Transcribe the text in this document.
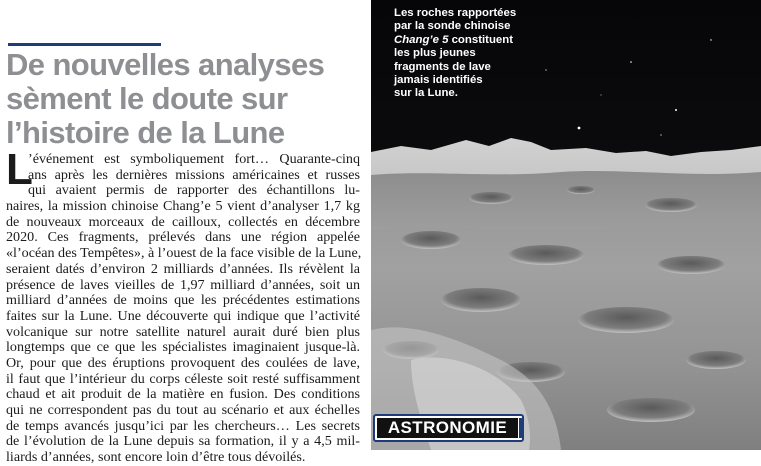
De nouvelles analyses
sèment le doute sur
l’histoire de la Lune
L
’événement est symboliquement fort… Quarante-cinq
ans après les dernières missions américaines et russes
qui avaient permis de rapporter des échantillons lu-
naires, la mission chinoise Chang’e 5 vient d’analyser 1,7 kg
de nouveaux morceaux de cailloux, collectés en décembre
2020. Ces fragments, prélevés dans une région appelée
«l’océan des Tempêtes», à l’ouest de la face visible de la Lune,
seraient datés d’environ 2 milliards d’années. Ils révèlent la
présence de laves vieilles de 1,97 milliard d’années, soit un
milliard d’années de moins que les précédentes estimations
faites sur la Lune. Une découverte qui indique que l’activité
volcanique sur notre satellite naturel aurait duré bien plus
longtemps que ce que les spécialistes imaginaient jusque-là.
Or, pour que des éruptions provoquent des coulées de lave,
il faut que l’intérieur du corps céleste soit resté suffisamment
chaud et ait produit de la matière en fusion. Des conditions
qui ne correspondent pas du tout au scénario et aux échelles
de temps avancés jusqu’ici par les chercheurs… Les secrets
de l’évolution de la Lune depuis sa formation, il y a 4,5 mil-
liards d’années, sont encore loin d’être tous dévoilés.
Les roches rapportées
par la sonde chinoise
Chang’e 5 constituent
les plus jeunes
fragments de lave
jamais identifiés
sur la Lune.
ASTRONOMIE
